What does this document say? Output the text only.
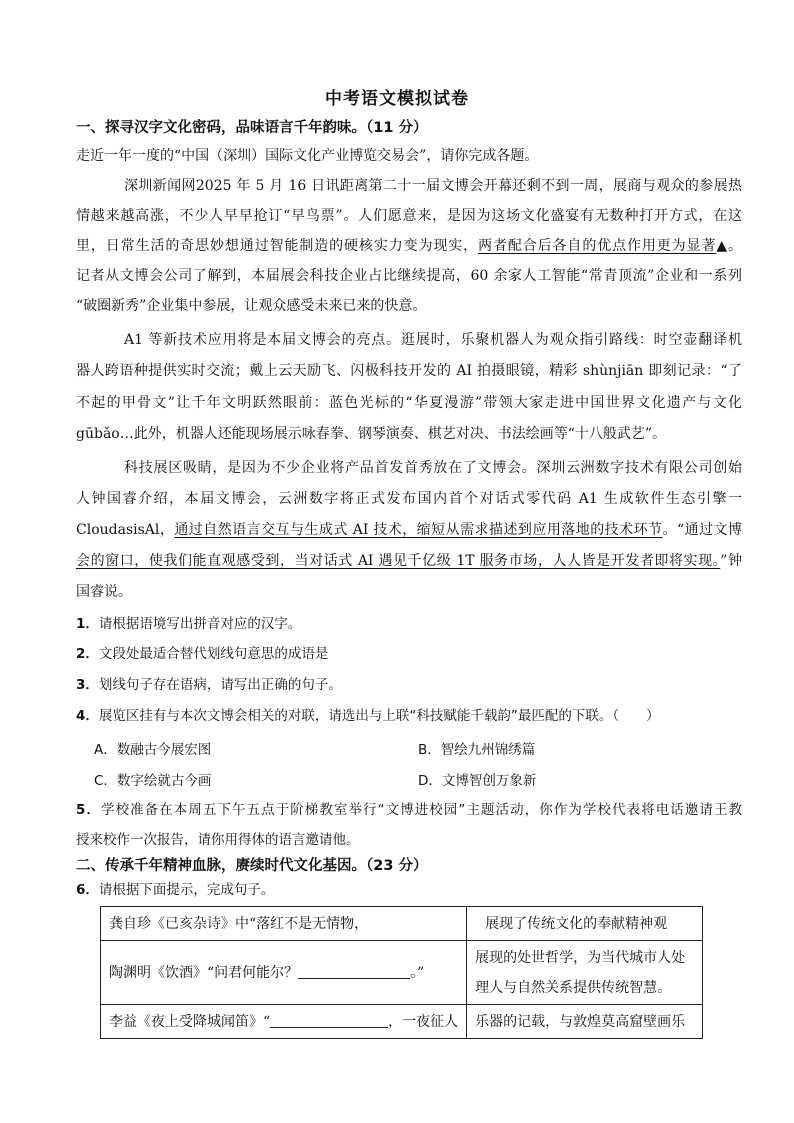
中考语文模拟试卷
一、探寻汉字文化密码，品味语言千年韵味。（11 分）
走近一年一度的“中国（深圳）国际文化产业博览交易会”，请你完成各题。
深圳新闻网2025 年 5 月 16 日讯距离第二十一届文博会开幕还剩不到一周，展商与观众的参展热
情越来越高涨，不少人早早抢订“早鸟票”。人们愿意来，是因为这场文化盛宴有无数种打开方式，在这
里，日常生活的奇思妙想通过智能制造的硬核实力变为现实，两者配合后各自的优点作用更为显著▲。
记者从文博会公司了解到，本届展会科技企业占比继续提高，60 余家人工智能“常青顶流”企业和一系列
“破圈新秀”企业集中参展，让观众感受未来已来的快意。
A1 等新技术应用将是本届文博会的亮点。逛展时，乐聚机器人为观众指引路线：时空壶翻译机
器人跨语种提供实时交流；戴上云天励飞、闪极科技开发的 AI 拍摄眼镜，精彩 shùnjiān 即刻记录：“了
不起的甲骨文”让千年文明跃然眼前：蓝色光标的“华夏漫游”带领大家走进中国世界文化遗产与文化
gūbǎo…此外，机器人还能现场展示咏春拳、钢琴演奏、棋艺对决、书法绘画等“十八般武艺”。
科技展区吸睛，是因为不少企业将产品首发首秀放在了文博会。深圳云洲数字技术有限公司创始
人钟国睿介绍，本届文博会，云洲数字将正式发布国内首个对话式零代码 A1 生成软件生态引擎一
CloudasisAl，通过自然语言交互与生成式 AI 技术，缩短从需求描述到应用落地的技术环节。“通过文博
会的窗口，使我们能直观感受到，当对话式 AI 遇见千亿级 1T 服务市场，人人皆是开发者即将实现。”钟
国睿说。
1．请根据语境写出拼音对应的汉字。
2．文段处最适合替代划线句意思的成语是
3．划线句子存在语病，请写出正确的句子。
4．展览区挂有与本次文博会相关的对联，请选出与上联“科技赋能千载韵”最匹配的下联。（　　）
A．数融古今展宏图	B．智绘九州锦绣篇
C．数字绘就古今画	D．文博智创万象新
5．学校准备在本周五下午五点于阶梯教室举行“文博进校园”主题活动，你作为学校代表将电话邀请王教
授来校作一次报告，请你用得体的语言邀请他。
二、传承千年精神血脉，赓续时代文化基因。（23 分）
6．请根据下面提示，完成句子。
龚自珍《已亥杂诗》中“落红不是无情物，	展现了传统文化的奉献精神观
陶渊明《饮酒》“问君何能尔？ 。”	展现的处世哲学，为当代城市人处理人与自然关系提供传统智慧。
李益《夜上受降城闻笛》“ ，一夜征人	乐器的记载，与敦煌莫高窟壁画乐
